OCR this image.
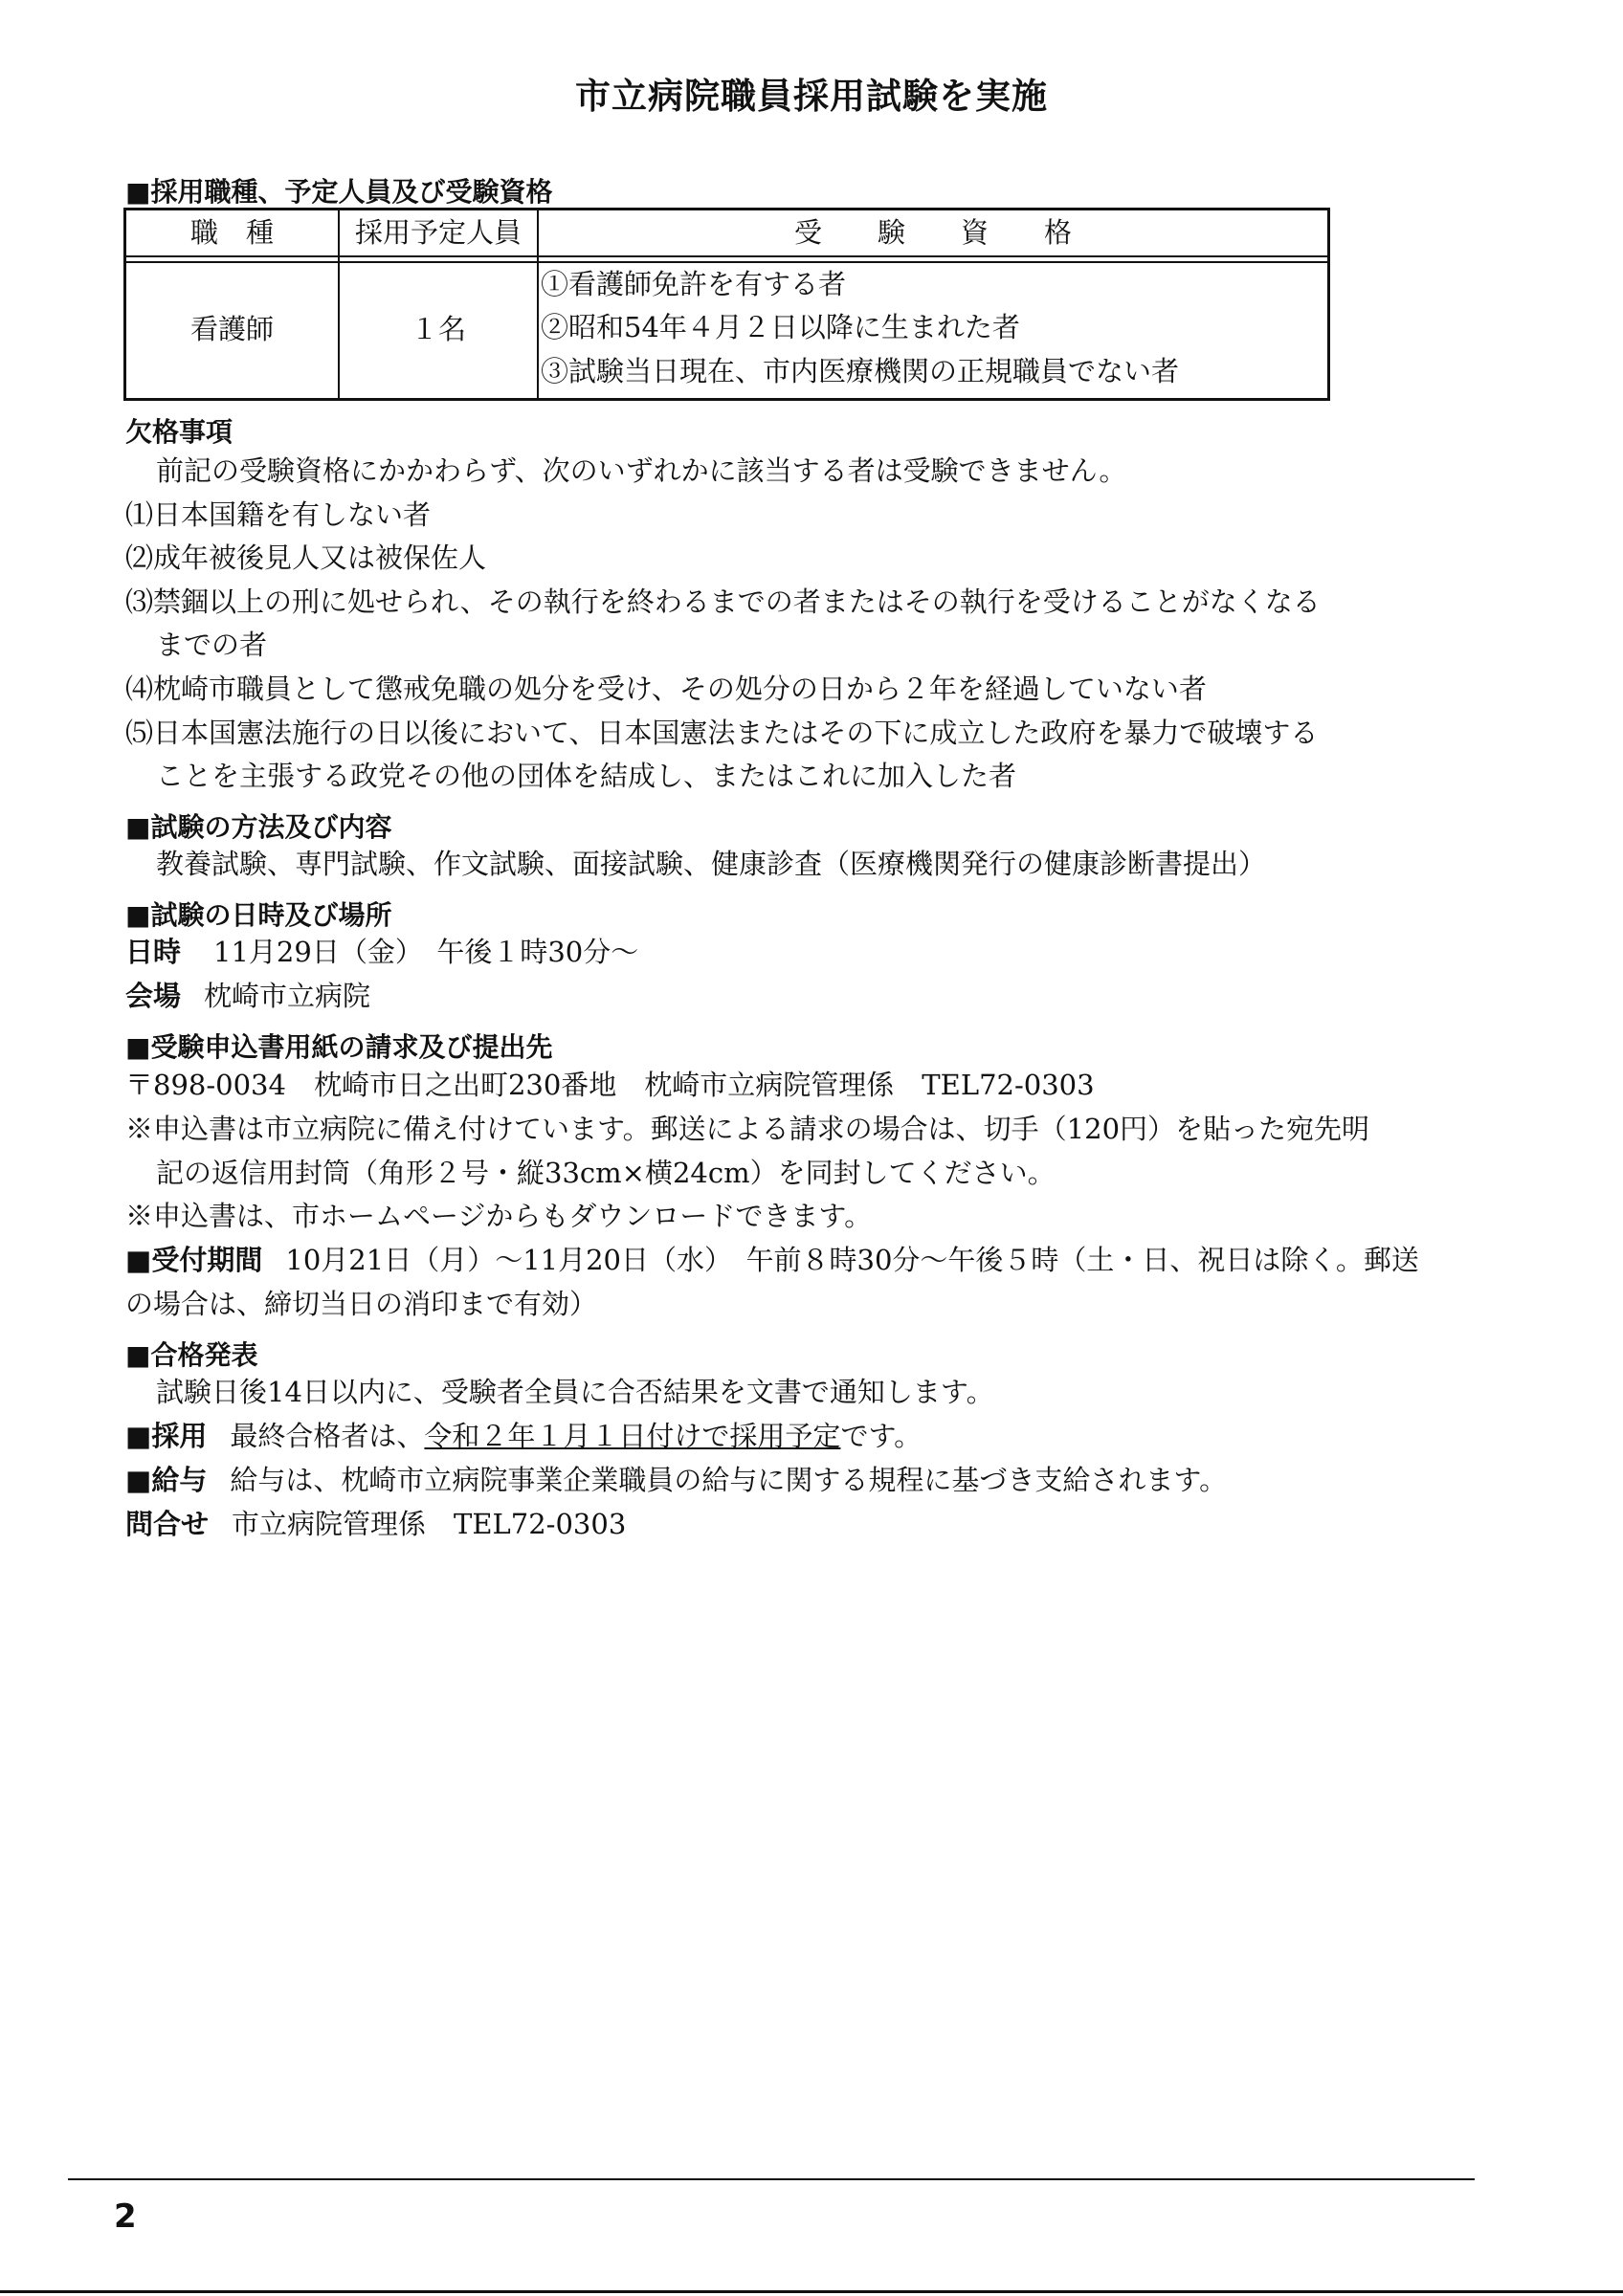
市立病院職員採用試験を実施
■採用職種、予定人員及び受験資格
職　種	採用予定人員	受　　験　　資　　格
看護師	１名
①看護師免許を有する者
②昭和54年４月２日以降に生まれた者
③試験当日現在、市内医療機関の正規職員でない者
欠格事項
前記の受験資格にかかわらず、次のいずれかに該当する者は受験できません。
⑴日本国籍を有しない者
⑵成年被後見人又は被保佐人
⑶禁錮以上の刑に処せられ、その執行を終わるまでの者またはその執行を受けることがなくなる
までの者
⑷枕崎市職員として懲戒免職の処分を受け、その処分の日から２年を経過していない者
⑸日本国憲法施行の日以後において、日本国憲法またはその下に成立した政府を暴力で破壊する
ことを主張する政党その他の団体を結成し、またはこれに加入した者
■試験の方法及び内容
教養試験、専門試験、作文試験、面接試験、健康診査（医療機関発行の健康診断書提出）
■試験の日時及び場所
日時 11月29日（金）　午後１時30分～
会場 枕崎市立病院
■受験申込書用紙の請求及び提出先
〒898-0034　枕崎市日之出町230番地　枕崎市立病院管理係　TEL72-0303
※申込書は市立病院に備え付けています。郵送による請求の場合は、切手（120円）を貼った宛先明
記の返信用封筒（角形２号・縦33cm×横24cm）を同封してください。
※申込書は、市ホームページからもダウンロードできます。
■受付期間 10月21日（月）～11月20日（水）　午前８時30分～午後５時（土・日、祝日は除く。郵送
の場合は、締切当日の消印まで有効）
■合格発表
試験日後14日以内に、受験者全員に合否結果を文書で通知します。
■採用 最終合格者は、令和２年１月１日付けで採用予定です。
■給与 給与は、枕崎市立病院事業企業職員の給与に関する規程に基づき支給されます。
問合せ 市立病院管理係　TEL72-0303
2
